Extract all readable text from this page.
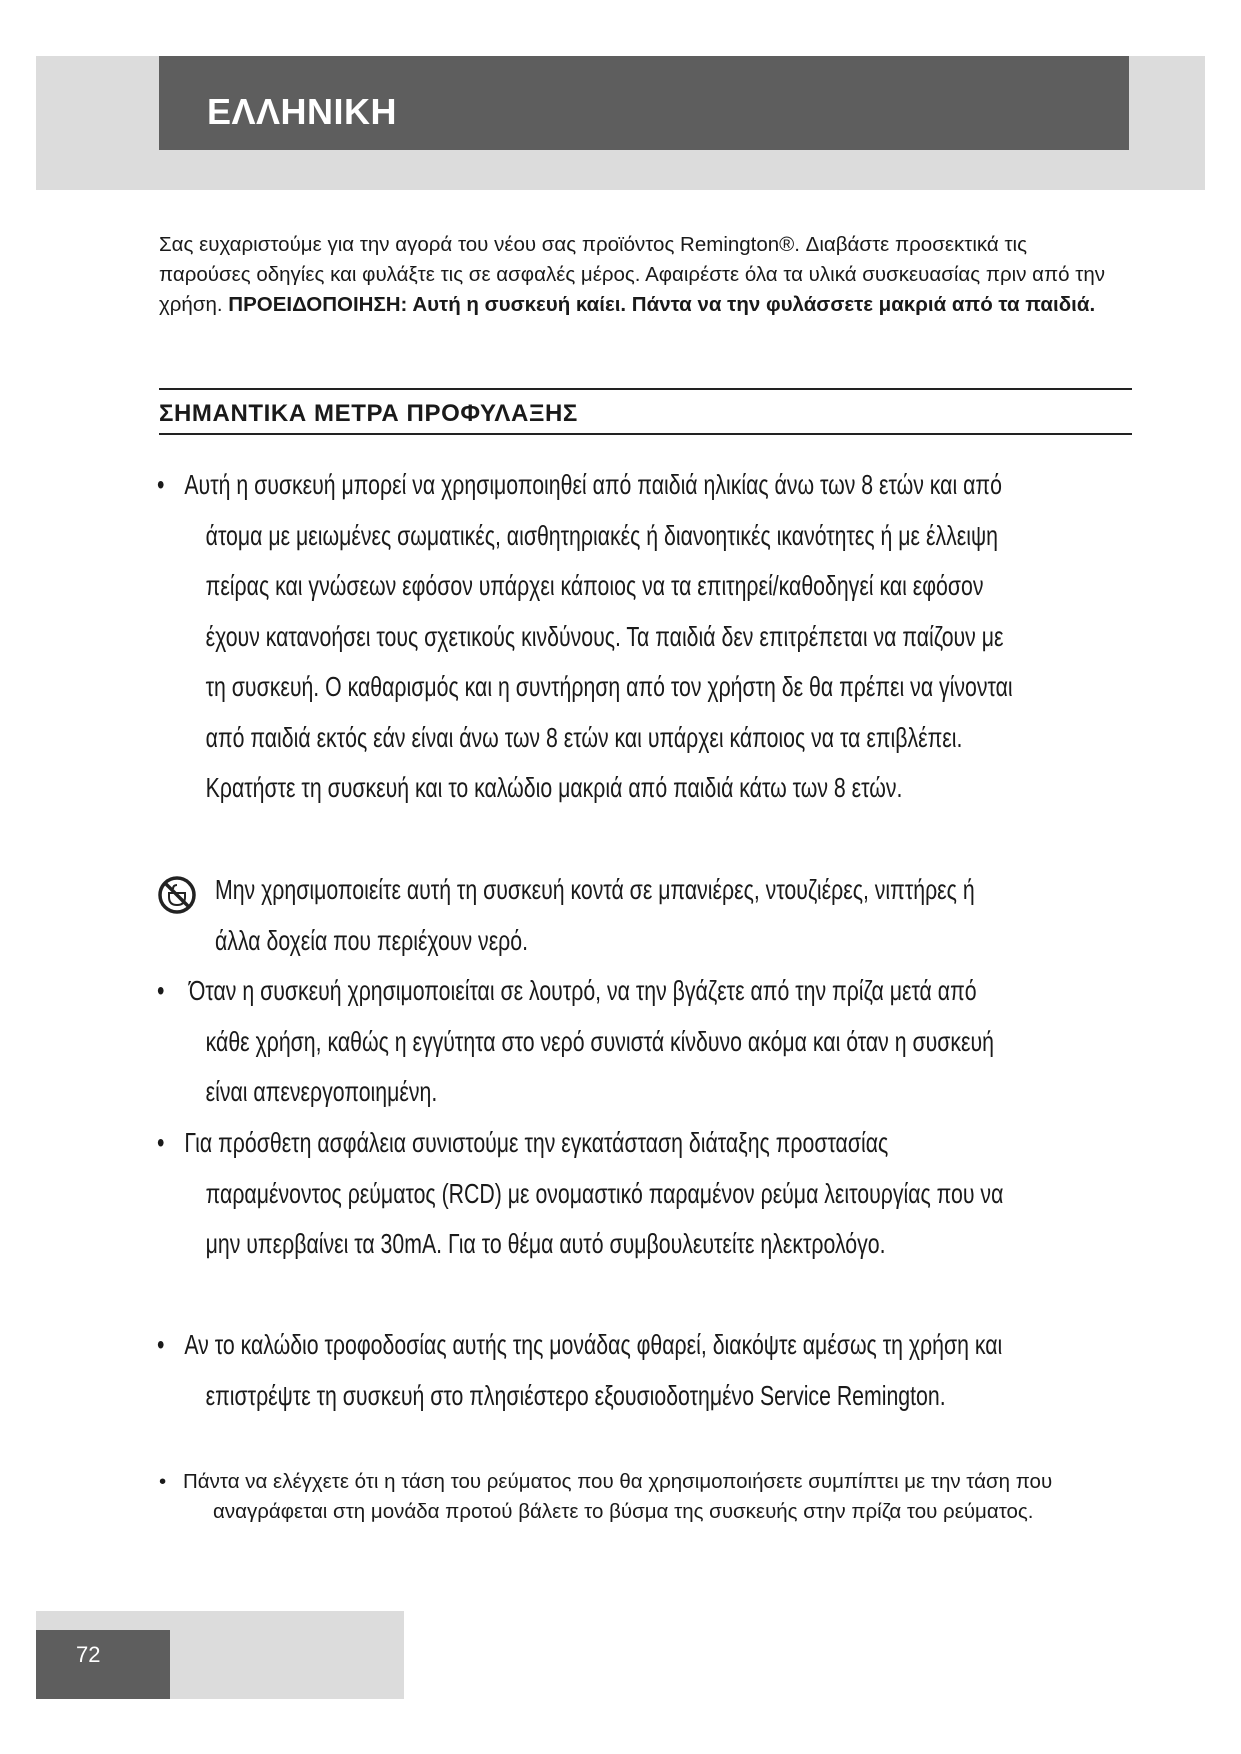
ΕΛΛΗΝΙΚΗ

Σας ευχαριστούμε για την αγορά του νέου σας προϊόντος Remington®. Διαβάστε προσεκτικά τις παρούσες οδηγίες και φυλάξτε τις σε ασφαλές μέρος. Αφαιρέστε όλα τα υλικά συσκευασίας πριν από την χρήση. ΠΡΟΕΙΔΟΠΟΙΗΣΗ: Αυτή η συσκευή καίει. Πάντα να την φυλάσσετε μακριά από τα παιδιά.

ΣΗΜΑΝΤΙΚΑ ΜΕΤΡΑ ΠΡΟΦΥΛΑΞΗΣ
• Αυτή η συσκευή μπορεί να χρησιμοποιηθεί από παιδιά ηλικίας άνω των 8 ετών και από άτομα με μειωμένες σωματικές, αισθητηριακές ή διανοητικές ικανότητες ή με έλλειψη πείρας και γνώσεων εφόσον υπάρχει κάποιος να τα επιτηρεί/καθοδηγεί και εφόσον έχουν κατανοήσει τους σχετικούς κινδύνους. Τα παιδιά δεν επιτρέπεται να παίζουν με τη συσκευή. Ο καθαρισμός και η συντήρηση από τον χρήστη δε θα πρέπει να γίνονται από παιδιά εκτός εάν είναι άνω των 8 ετών και υπάρχει κάποιος να τα επιβλέπει. Κρατήστε τη συσκευή και το καλώδιο μακριά από παιδιά κάτω των 8 ετών.
Μην χρησιμοποιείτε αυτή τη συσκευή κοντά σε μπανιέρες, ντουζιέρες, νιπτήρες ή άλλα δοχεία που περιέχουν νερό.
• Όταν η συσκευή χρησιμοποιείται σε λουτρό, να την βγάζετε από την πρίζα μετά από κάθε χρήση, καθώς η εγγύτητα στο νερό συνιστά κίνδυνο ακόμα και όταν η συσκευή είναι απενεργοποιημένη.
• Για πρόσθετη ασφάλεια συνιστούμε την εγκατάσταση διάταξης προστασίας παραμένοντος ρεύματος (RCD) με ονομαστικό παραμένον ρεύμα λειτουργίας που να μην υπερβαίνει τα 30mA. Για το θέμα αυτό συμβουλευτείτε ηλεκτρολόγο.
• Αν το καλώδιο τροφοδοσίας αυτής της μονάδας φθαρεί, διακόψτε αμέσως τη χρήση και επιστρέψτε τη συσκευή στο πλησιέστερο εξουσιοδοτημένο Service Remington.
• Πάντα να ελέγχετε ότι η τάση του ρεύματος που θα χρησιμοποιήσετε συμπίπτει με την τάση που αναγράφεται στη μονάδα προτού βάλετε το βύσμα της συσκευής στην πρίζα του ρεύματος.
72
